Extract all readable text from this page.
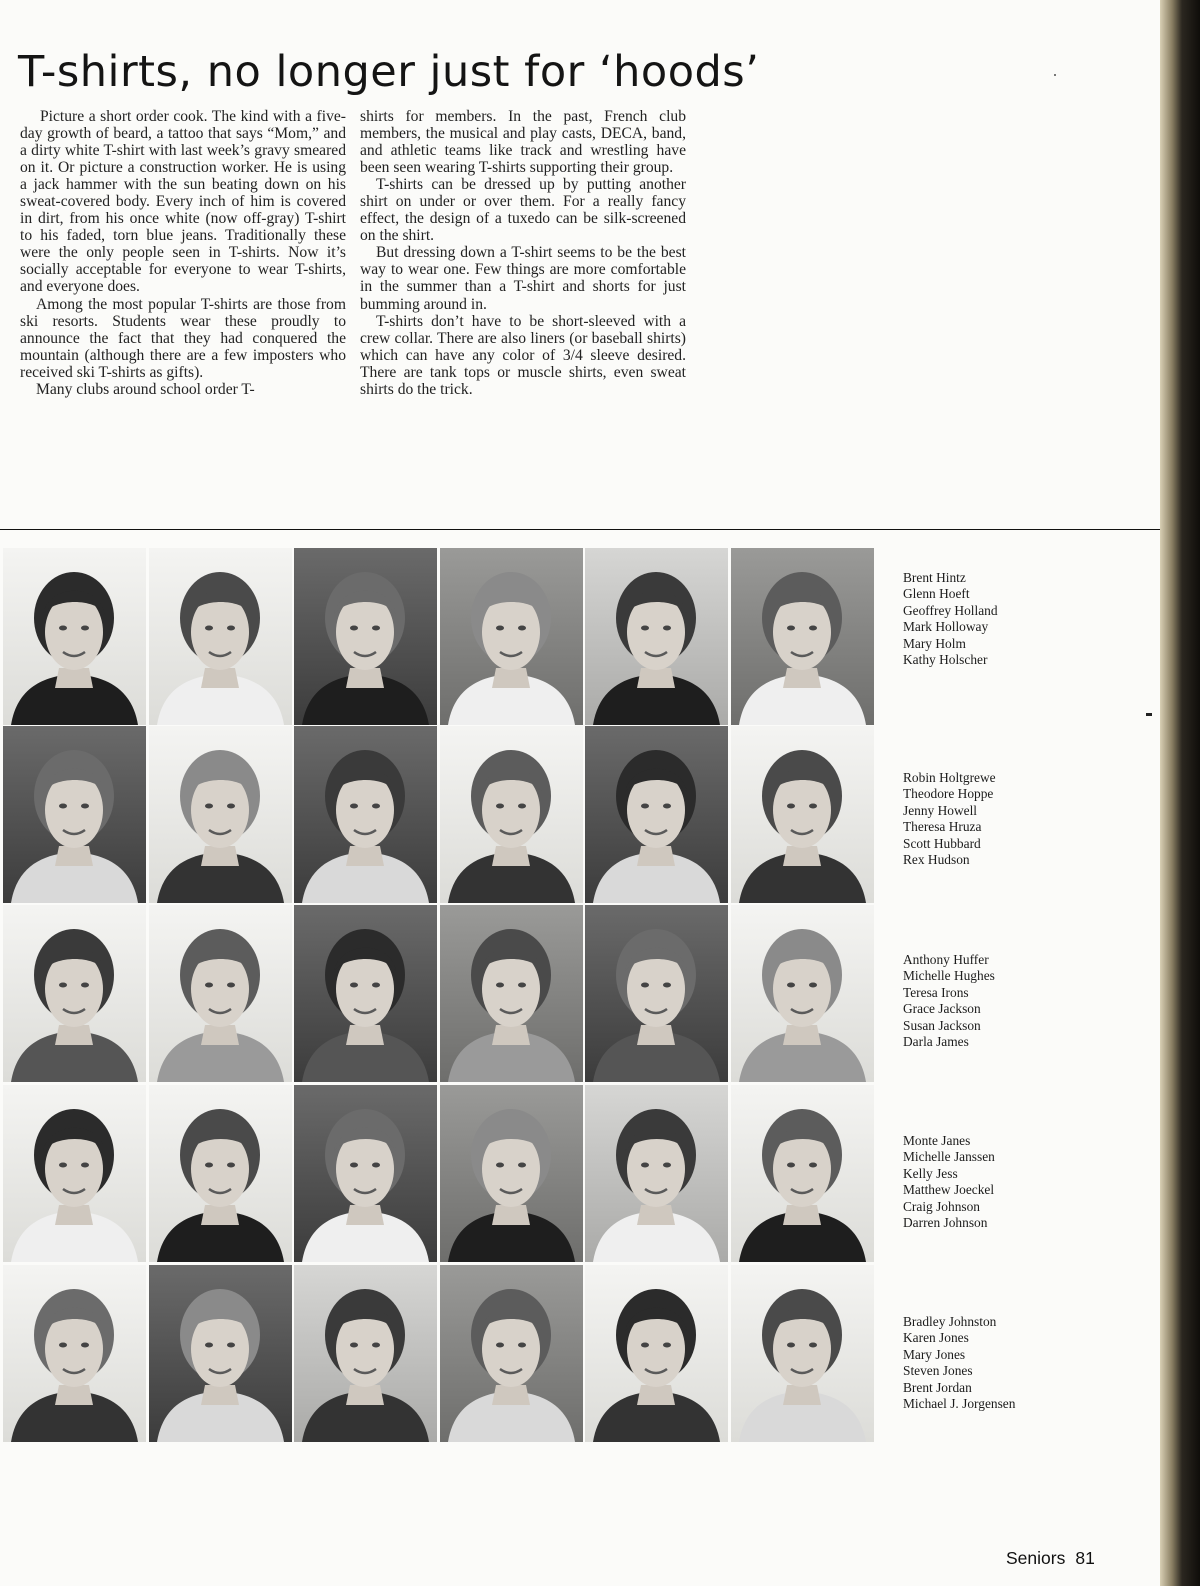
T-shirts, no longer just for ‘hoods’

Picture a short order cook. The kind with a five-day growth of beard, a tattoo that says “Mom,” and a dirty white T-shirt with last week’s gravy smeared on it. Or picture a construction worker. He is using a jack hammer with the sun beating down on his sweat-covered body. Every inch of him is covered in dirt, from his once white (now off-gray) T-shirt to his faded, torn blue jeans. Traditionally these were the only people seen in T-shirts. Now it’s socially acceptable for everyone to wear T-shirts, and everyone does.

Among the most popular T-shirts are those from ski resorts. Students wear these proudly to announce the fact that they had conquered the mountain (although there are a few imposters who received ski T-shirts as gifts).

Many clubs around school order T-

shirts for members. In the past, French club members, the musical and play casts, DECA, band, and athletic teams like track and wrestling have been seen wearing T-shirts supporting their group.

T-shirts can be dressed up by putting another shirt on under or over them. For a really fancy effect, the design of a tuxedo can be silk-screened on the shirt.

But dressing down a T-shirt seems to be the best way to wear one. Few things are more comfortable in the summer than a T-shirt and shorts for just bumming around in.

T-shirts don’t have to be short-sleeved with a crew collar. There are also liners (or baseball shirts) which can have any color of 3/4 sleeve desired. There are tank tops or muscle shirts, even sweat shirts do the trick.

Brent Hintz
Glenn Hoeft
Geoffrey Holland
Mark Holloway
Mary Holm
Kathy Holscher
Robin Holtgrewe
Theodore Hoppe
Jenny Howell
Theresa Hruza
Scott Hubbard
Rex Hudson
Anthony Huffer
Michelle Hughes
Teresa Irons
Grace Jackson
Susan Jackson
Darla James
Monte Janes
Michelle Janssen
Kelly Jess
Matthew Joeckel
Craig Johnson
Darren Johnson
Bradley Johnston
Karen Jones
Mary Jones
Steven Jones
Brent Jordan
Michael J. Jorgensen
Seniors 81
